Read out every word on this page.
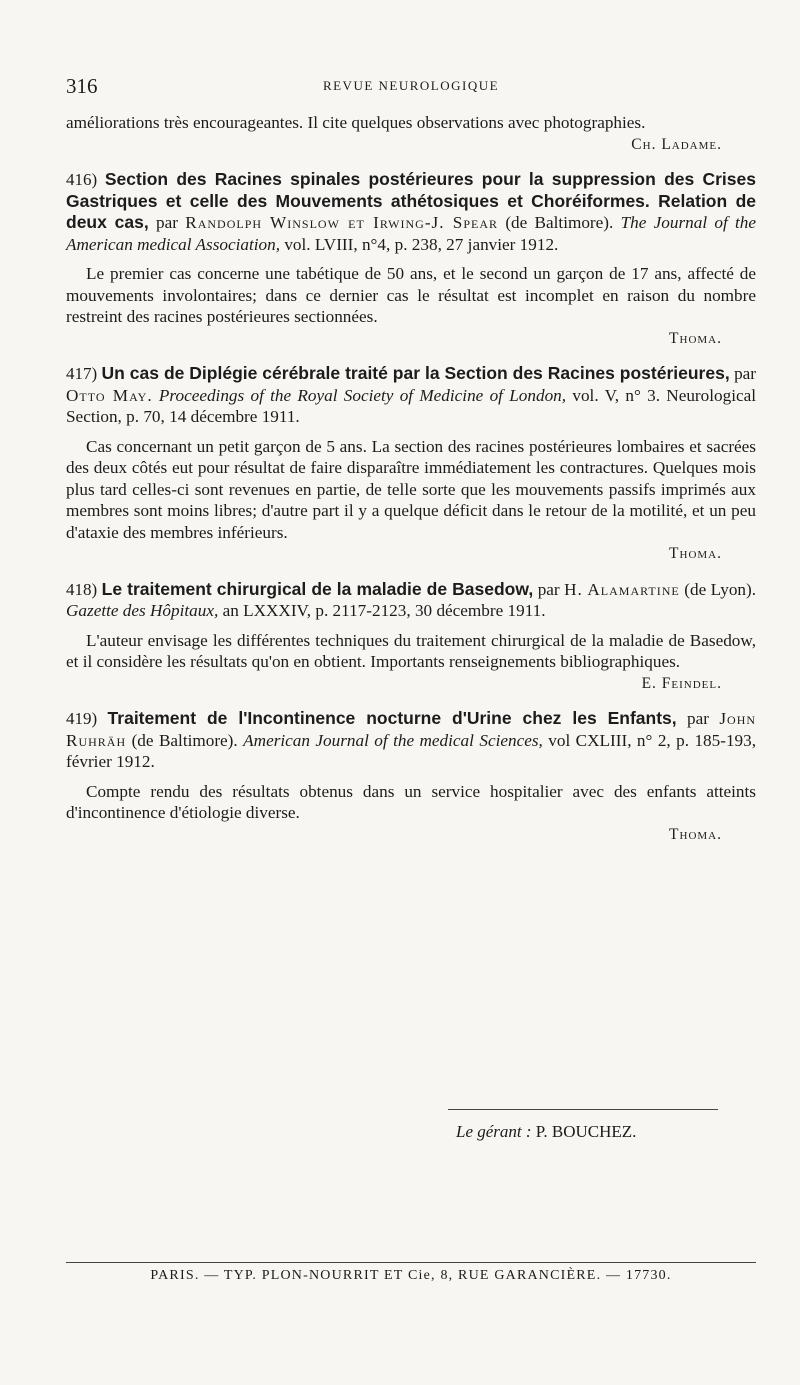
316	REVUE NEUROLOGIQUE

améliorations très encourageantes. Il cite quelques observations avec photographies.

Ch. Ladame.

416) Section des Racines spinales postérieures pour la suppression des Crises Gastriques et celle des Mouvements athétosiques et Choréiformes. Relation de deux cas, par Randolph Winslow et Irwing-J. Spear (de Baltimore). The Journal of the American medical Association, vol. LVIII, n°4, p. 238, 27 janvier 1912.

Le premier cas concerne une tabétique de 50 ans, et le second un garçon de 17 ans, affecté de mouvements involontaires; dans ce dernier cas le résultat est incomplet en raison du nombre restreint des racines postérieures sectionnées.

Thoma.

417) Un cas de Diplégie cérébrale traité par la Section des Racines postérieures, par Otto May. Proceedings of the Royal Society of Medicine of London, vol. V, n° 3. Neurological Section, p. 70, 14 décembre 1911.

Cas concernant un petit garçon de 5 ans. La section des racines postérieures lombaires et sacrées des deux côtés eut pour résultat de faire disparaître immédiatement les contractures. Quelques mois plus tard celles-ci sont revenues en partie, de telle sorte que les mouvements passifs imprimés aux membres sont moins libres; d'autre part il y a quelque déficit dans le retour de la motilité, et un peu d'ataxie des membres inférieurs.

Thoma.

418) Le traitement chirurgical de la maladie de Basedow, par H. Alamartine (de Lyon). Gazette des Hôpitaux, an LXXXIV, p. 2117-2123, 30 décembre 1911.

L'auteur envisage les différentes techniques du traitement chirurgical de la maladie de Basedow, et il considère les résultats qu'on en obtient. Importants renseignements bibliographiques.

E. Feindel.

419) Traitement de l'Incontinence nocturne d'Urine chez les Enfants, par John Ruhräh (de Baltimore). American Journal of the medical Sciences, vol CXLIII, n° 2, p. 185-193, février 1912.

Compte rendu des résultats obtenus dans un service hospitalier avec des enfants atteints d'incontinence d'étiologie diverse.

Thoma.

Le gérant : P. BOUCHEZ.
PARIS. — TYP. PLON-NOURRIT ET Cie, 8, RUE GARANCIÈRE. — 17730.
